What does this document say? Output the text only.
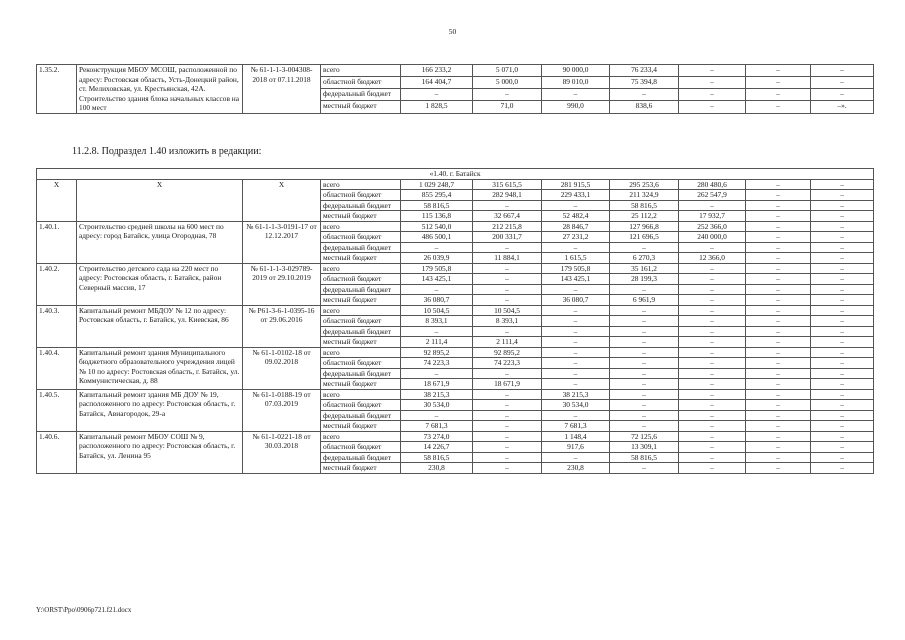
50
1.35.2.	Реконструкция МБОУ МСОШ, расположенной по адресу: Ростовская область, Усть-Донецкий район, ст. Мелиховская, ул. Крестьянская, 42А. Строительство здания блока начальных классов на 100 мест	№ 61-1-1-3-004308-2018 от 07.11.2018	всего	166 233,2	5 071,0	90 000,0	76 233,4	–	–	–
			областной бюджет	164 404,7	5 000,0	89 010,0	75 394,8	–	–	–
			федеральный бюджет	–	–	–	–	–	–	–
			местный бюджет	1 828,5	71,0	990,0	838,6	–	–	–».
11.2.8. Подраздел 1.40 изложить в редакции:
«1.40. г. Батайск										
X	X	X	всего	1 029 248,7	315 615,5	281 915,5	295 253,6	280 480,6	–	–
			областной бюджет	855 295,4	282 948,1	229 433,1	211 324,9	262 547,9	–	–
			федеральный бюджет	58 816,5	–	–	58 816,5	–	–	–
			местный бюджет	115 136,8	32 667,4	52 482,4	25 112,2	17 932,7	–	–
1.40.1.	Строительство средней школы на 600 мест по адресу: город Батайск, улица Огородная, 78	№ 61-1-1-3-0191-17 от 12.12.2017	всего	512 540,0	212 215,8	28 846,7	127 966,8	252 366,0	–	–
			областной бюджет	486 500,1	200 331,7	27 231,2	121 696,5	240 000,0	–	–
			федеральный бюджет	–	–	–	–	–	–	–
			местный бюджет	26 039,9	11 884,1	1 615,5	6 270,3	12 366,0	–	–
1.40.2.	Строительство детского сада на 220 мест по адресу: Ростовская область, г. Батайск, район Северный массив, 17	№ 61-1-1-3-029789-2019 от 29.10.2019	всего	179 505,8	–	179 505,8	35 161,2	–	–	–
			областной бюджет	143 425,1	–	143 425,1	28 199,3	–	–	–
			федеральный бюджет	–	–	–	–	–	–	–
			местный бюджет	36 080,7	–	36 080,7	6 961,9	–	–	–
1.40.3.	Капитальный ремонт МБДОУ № 12 по адресу: Ростовская область, г. Батайск, ул. Киевская, 86	№ Р61-3-6-1-0395-16 от 29.06.2016	всего	10 504,5	10 504,5	–	–	–	–	–
			областной бюджет	8 393,1	8 393,1	–	–	–	–	–
			федеральный бюджет	–	–	–	–	–	–	–
			местный бюджет	2 111,4	2 111,4	–	–	–	–	–
1.40.4.	Капитальный ремонт здания Муниципального бюджетного образовательного учреждения лицей № 10 по адресу: Ростовская область, г. Батайск, ул. Коммунистическая, д. 88	№ 61-1-0102-18 от 09.02.2018	всего	92 895,2	92 895,2	–	–	–	–	–
			областной бюджет	74 223,3	74 223,3	–	–	–	–	–
			федеральный бюджет	–	–	–	–	–	–	–
			местный бюджет	18 671,9	18 671,9	–	–	–	–	–
1.40.5.	Капитальный ремонт здания МБ ДОУ № 19, расположенного по адресу: Ростовская область, г. Батайск, Авиагородок, 29-а	№ 61-1-0188-19 от 07.03.2019	всего	38 215,3	–	38 215,3	–	–	–	–
			областной бюджет	30 534,0	–	30 534,0	–	–	–	–
			федеральный бюджет	–	–	–	–	–	–	–
			местный бюджет	7 681,3	–	7 681,3	–	–	–	–
1.40.6.	Капитальный ремонт МБОУ СОШ № 9, расположенного по адресу: Ростовская область, г. Батайск, ул. Ленина 95	№ 61-1-0221-18 от 30.03.2018	всего	73 274,0	–	1 148,4	72 125,6	–	–	–
			областной бюджет	14 226,7	–	917,6	13 309,1	–	–	–
			федеральный бюджет	58 816,5	–	–	58 816,5	–	–	–
			местный бюджет	230,8	–	230,8	–	–	–	–
Y:\ORST\Ppo\0906p721.f21.docx
